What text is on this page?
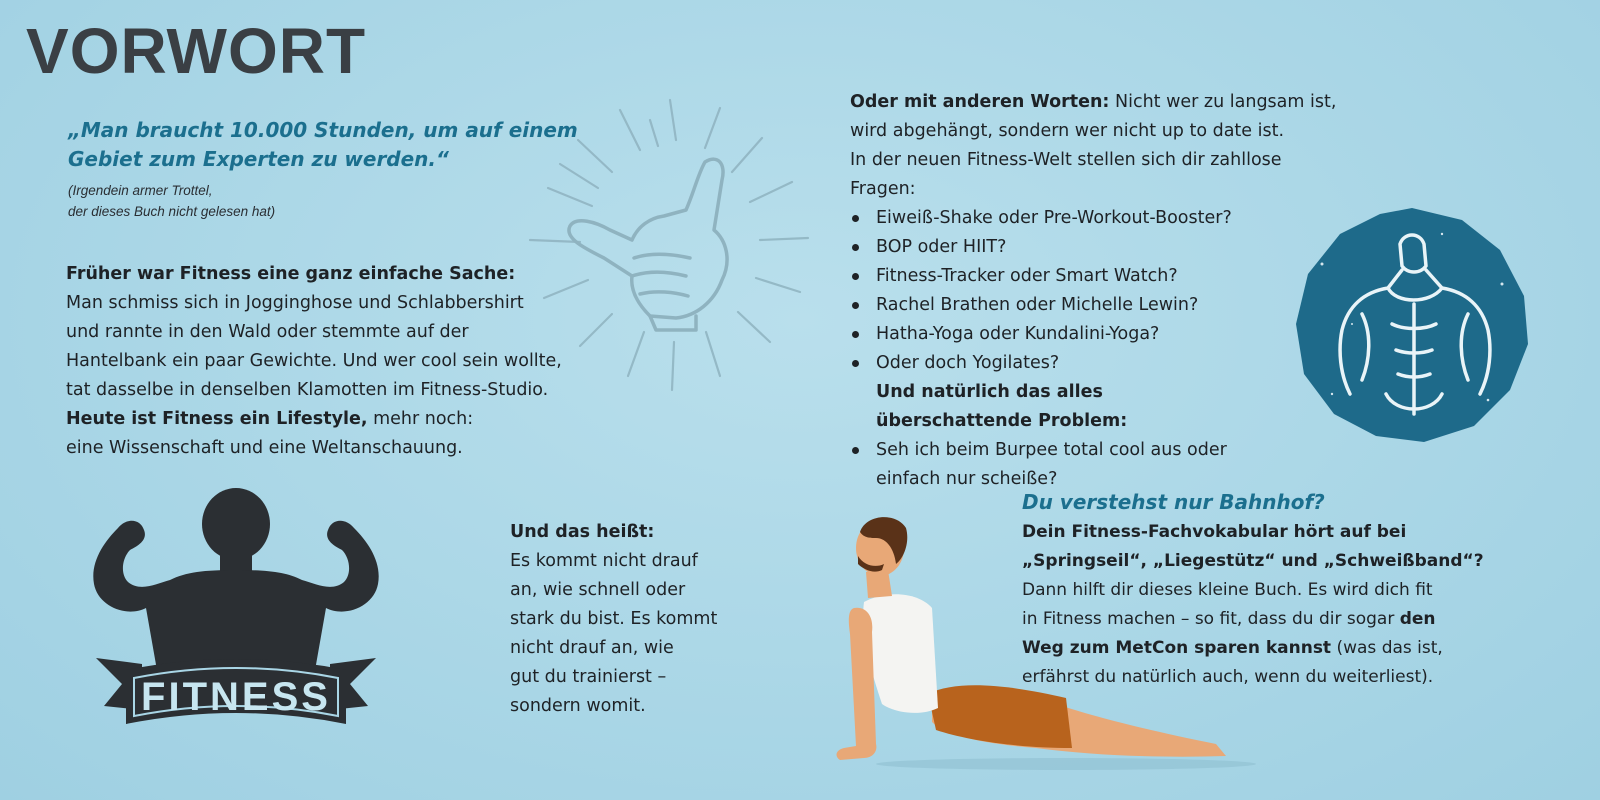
VORWORT
„Man braucht 10.000 Stunden, um auf einem
Gebiet zum Experten zu werden.“
(Irgendein armer Trottel,
der dieses Buch nicht gelesen hat)
Früher war Fitness eine ganz einfache Sache:
Man schmiss sich in Jogginghose und Schlabbershirt
und rannte in den Wald oder stemmte auf der
Hantelbank ein paar Gewichte. Und wer cool sein wollte,
tat dasselbe in denselben Klamotten im Fitness-Studio.
Heute ist Fitness ein Lifestyle, mehr noch:
eine Wissenschaft und eine Weltanschauung.
Oder mit anderen Worten: Nicht wer zu langsam ist,
wird abgehängt, sondern wer nicht up to date ist.
In der neuen Fitness-Welt stellen sich dir zahllose Fragen:
Eiweiß-Shake oder Pre-Workout-Booster?
BOP oder HIIT?
Fitness-Tracker oder Smart Watch?
Rachel Brathen oder Michelle Lewin?
Hatha-Yoga oder Kundalini-Yoga?
Oder doch Yogilates?
Und natürlich das alles
überschattende Problem:
Seh ich beim Burpee total cool aus oder
einfach nur scheiße?
FITNESS
Und das heißt:
Es kommt nicht drauf
an, wie schnell oder
stark du bist. Es kommt
nicht drauf an, wie
gut du trainierst –
sondern womit.
Du verstehst nur Bahnhof?
Dein Fitness-Fachvokabular hört auf bei
„Springseil“, „Liegestütz“ und „Schweißband“?
Dann hilft dir dieses kleine Buch. Es wird dich fit
in Fitness machen – so fit, dass du dir sogar den
Weg zum MetCon sparen kannst (was das ist,
erfährst du natürlich auch, wenn du weiterliest).
